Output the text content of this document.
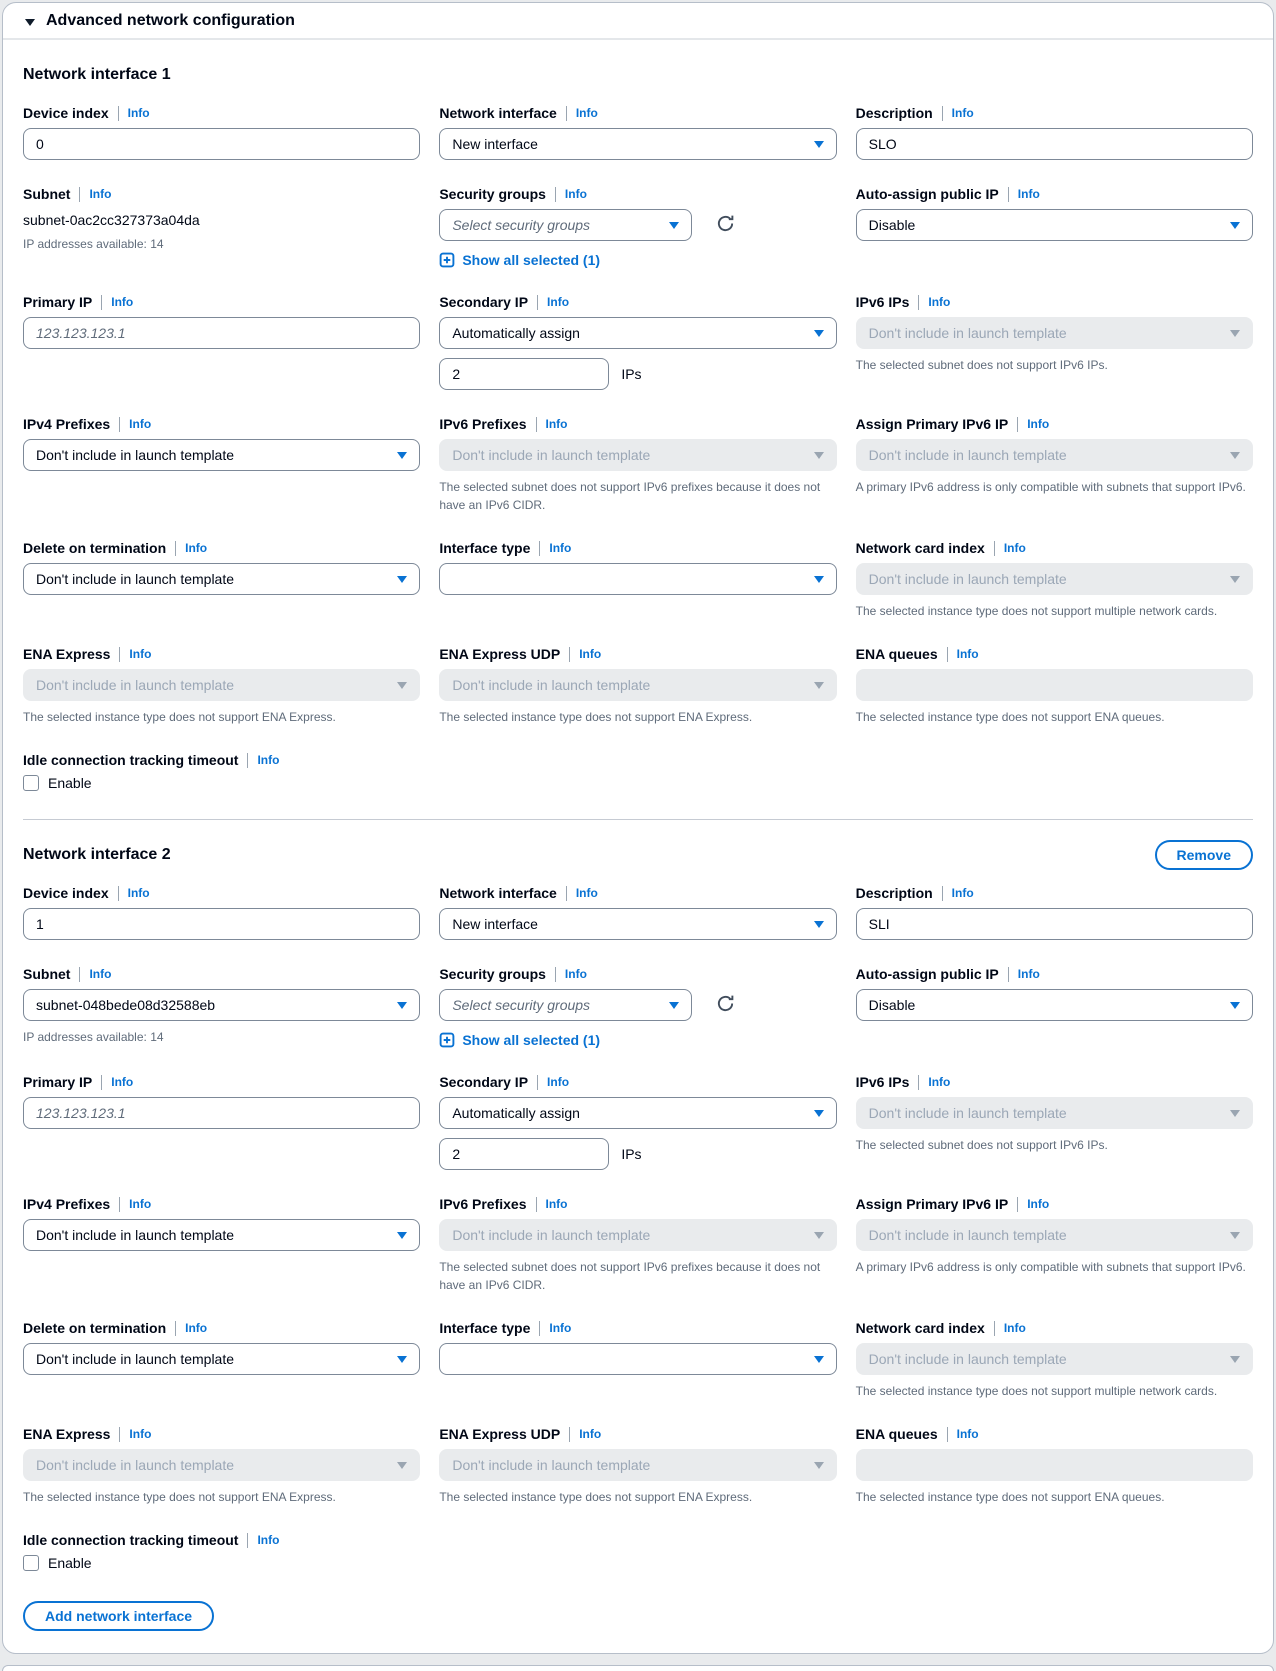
Advanced network configuration
Network interface 1
Device index Info
0	Network interface Info
New interface
Description Info
SLO
Subnet Info
subnet-0ac2cc327373a04da
IP addresses available: 14
Security groups Info
Select security groups
Show all selected (1)
Auto-assign public IP Info
Disable
Primary IP Info
123.123.123.1	Secondary IP Info
Automatically assign
2
IPs
IPv6 IPs Info
Don't include in launch template
The selected subnet does not support IPv6 IPs.
IPv4 Prefixes Info
Don't include in launch template
IPv6 Prefixes Info
Don't include in launch template
The selected subnet does not support IPv6 prefixes because it does not have an IPv6 CIDR.
Assign Primary IPv6 IP Info
Don't include in launch template
A primary IPv6 address is only compatible with subnets that support IPv6.
Delete on termination Info
Don't include in launch template
Interface type Info	Network card index Info
Don't include in launch template
The selected instance type does not support multiple network cards.
ENA Express Info
Don't include in launch template
The selected instance type does not support ENA Express.
ENA Express UDP Info
Don't include in launch template
The selected instance type does not support ENA Express.
ENA queues Info
The selected instance type does not support ENA queues.
Idle connection tracking timeout Info
Enable
Network interface 2	Remove
Device index Info
1	Network interface Info
New interface
Description Info
SLI
Subnet Info
subnet-048bede08d32588eb
IP addresses available: 14
Security groups Info
Select security groups
Show all selected (1)
Auto-assign public IP Info
Disable
Primary IP Info
123.123.123.1	Secondary IP Info
Automatically assign
2
IPs
IPv6 IPs Info
Don't include in launch template
The selected subnet does not support IPv6 IPs.
IPv4 Prefixes Info
Don't include in launch template
IPv6 Prefixes Info
Don't include in launch template
The selected subnet does not support IPv6 prefixes because it does not have an IPv6 CIDR.
Assign Primary IPv6 IP Info
Don't include in launch template
A primary IPv6 address is only compatible with subnets that support IPv6.
Delete on termination Info
Don't include in launch template
Interface type Info	Network card index Info
Don't include in launch template
The selected instance type does not support multiple network cards.
ENA Express Info
Don't include in launch template
The selected instance type does not support ENA Express.
ENA Express UDP Info
Don't include in launch template
The selected instance type does not support ENA Express.
ENA queues Info
The selected instance type does not support ENA queues.
Idle connection tracking timeout Info
Enable
Add network interface
